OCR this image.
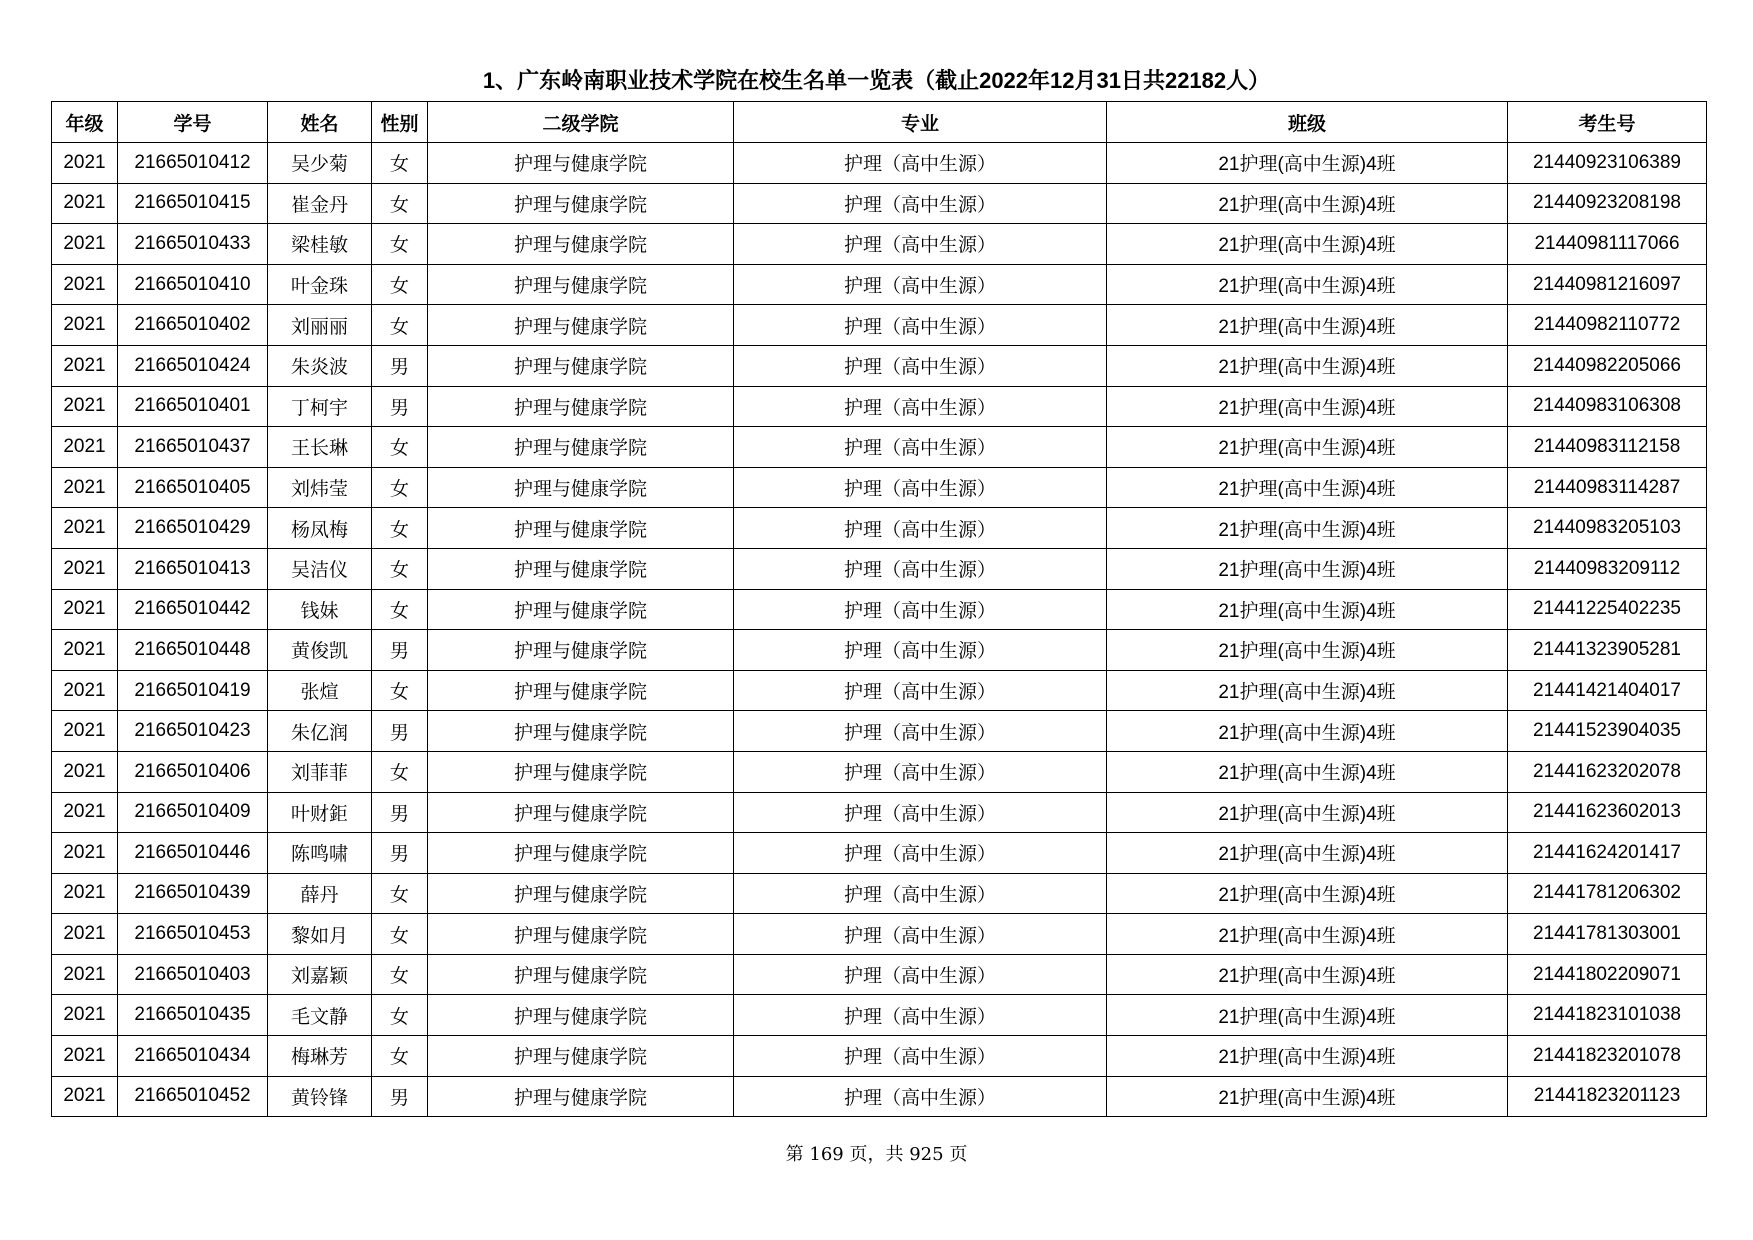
1、广东岭南职业技术学院在校生名单一览表（截止2022年12月31日共22182人）
年级	学号	姓名	性别	二级学院	专业	班级	考生号
2021	21665010412	吴少菊	女	护理与健康学院	护理（高中生源）	21护理(高中生源)4班	21440923106389
2021	21665010415	崔金丹	女	护理与健康学院	护理（高中生源）	21护理(高中生源)4班	21440923208198
2021	21665010433	梁桂敏	女	护理与健康学院	护理（高中生源）	21护理(高中生源)4班	21440981117066
2021	21665010410	叶金珠	女	护理与健康学院	护理（高中生源）	21护理(高中生源)4班	21440981216097
2021	21665010402	刘丽丽	女	护理与健康学院	护理（高中生源）	21护理(高中生源)4班	21440982110772
2021	21665010424	朱炎波	男	护理与健康学院	护理（高中生源）	21护理(高中生源)4班	21440982205066
2021	21665010401	丁柯宇	男	护理与健康学院	护理（高中生源）	21护理(高中生源)4班	21440983106308
2021	21665010437	王长琳	女	护理与健康学院	护理（高中生源）	21护理(高中生源)4班	21440983112158
2021	21665010405	刘炜莹	女	护理与健康学院	护理（高中生源）	21护理(高中生源)4班	21440983114287
2021	21665010429	杨凤梅	女	护理与健康学院	护理（高中生源）	21护理(高中生源)4班	21440983205103
2021	21665010413	吴洁仪	女	护理与健康学院	护理（高中生源）	21护理(高中生源)4班	21440983209112
2021	21665010442	钱妹	女	护理与健康学院	护理（高中生源）	21护理(高中生源)4班	21441225402235
2021	21665010448	黄俊凯	男	护理与健康学院	护理（高中生源）	21护理(高中生源)4班	21441323905281
2021	21665010419	张煊	女	护理与健康学院	护理（高中生源）	21护理(高中生源)4班	21441421404017
2021	21665010423	朱亿润	男	护理与健康学院	护理（高中生源）	21护理(高中生源)4班	21441523904035
2021	21665010406	刘菲菲	女	护理与健康学院	护理（高中生源）	21护理(高中生源)4班	21441623202078
2021	21665010409	叶财鉅	男	护理与健康学院	护理（高中生源）	21护理(高中生源)4班	21441623602013
2021	21665010446	陈鸣啸	男	护理与健康学院	护理（高中生源）	21护理(高中生源)4班	21441624201417
2021	21665010439	薛丹	女	护理与健康学院	护理（高中生源）	21护理(高中生源)4班	21441781206302
2021	21665010453	黎如月	女	护理与健康学院	护理（高中生源）	21护理(高中生源)4班	21441781303001
2021	21665010403	刘嘉颖	女	护理与健康学院	护理（高中生源）	21护理(高中生源)4班	21441802209071
2021	21665010435	毛文静	女	护理与健康学院	护理（高中生源）	21护理(高中生源)4班	21441823101038
2021	21665010434	梅琳芳	女	护理与健康学院	护理（高中生源）	21护理(高中生源)4班	21441823201078
2021	21665010452	黄铃锋	男	护理与健康学院	护理（高中生源）	21护理(高中生源)4班	21441823201123
第 169 页，共 925 页
